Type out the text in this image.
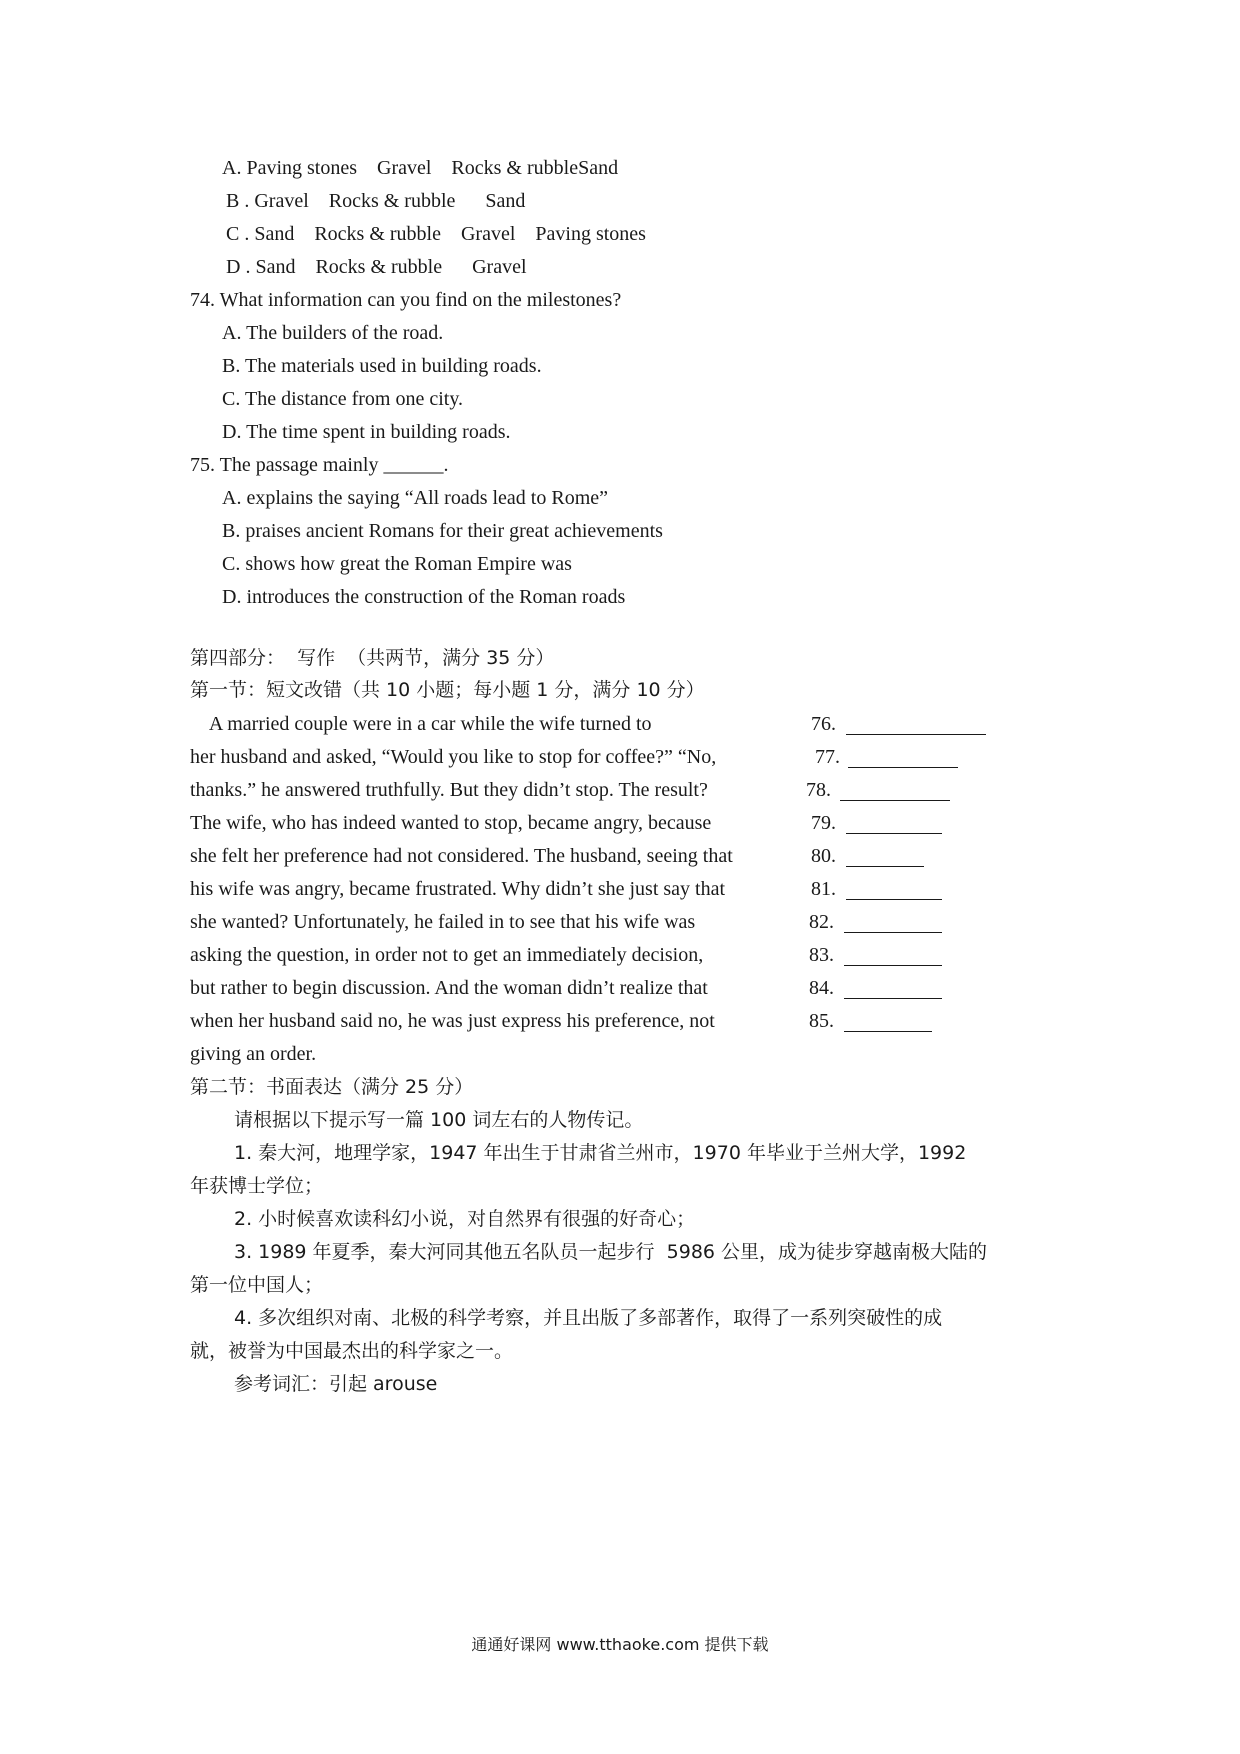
A. Paving stones    Gravel    Rocks & rubbleSand
B . Gravel    Rocks & rubble      Sand
C . Sand    Rocks & rubble    Gravel    Paving stones
D . Sand    Rocks & rubble      Gravel
74. What information can you find on the milestones?
A. The builders of the road.
B. The materials used in building roads.
C. The distance from one city.
D. The time spent in building roads.
75. The passage mainly ______.
A. explains the saying “All roads lead to Rome”
B. praises ancient Romans for their great achievements
C. shows how great the Roman Empire was
D. introduces the construction of the Roman roads
第四部分：  写作  （共两节，满分 35 分）
第一节：短文改错（共 10 小题；每小题 1 分，满分 10 分）
A married couple were in a car while the wife turned to
her husband and asked, “Would you like to stop for coffee?” “No,
thanks.” he answered truthfully. But they didn’t stop. The result?
The wife, who has indeed wanted to stop, became angry, because
she felt her preference had not considered. The husband, seeing that
his wife was angry, became frustrated. Why didn’t she just say that
she wanted? Unfortunately, he failed in to see that his wife was
asking the question, in order not to get an immediately decision,
but rather to begin discussion. And the woman didn’t realize that
when her husband said no, he was just express his preference, not
giving an order.
76.
77.
78.
79.
80.
81.
82.
83.
84.
85.
第二节：书面表达（满分 25 分）
请根据以下提示写一篇 100 词左右的人物传记。
1. 秦大河，地理学家，1947 年出生于甘肃省兰州市，1970 年毕业于兰州大学，1992
年获博士学位；
2. 小时候喜欢读科幻小说，对自然界有很强的好奇心；
3. 1989 年夏季，秦大河同其他五名队员一起步行  5986 公里，成为徒步穿越南极大陆的
第一位中国人；
4. 多次组织对南、北极的科学考察，并且出版了多部著作，取得了一系列突破性的成
就，被誉为中国最杰出的科学家之一。
参考词汇：引起 arouse
通通好课网 www.tthaoke.com 提供下载
